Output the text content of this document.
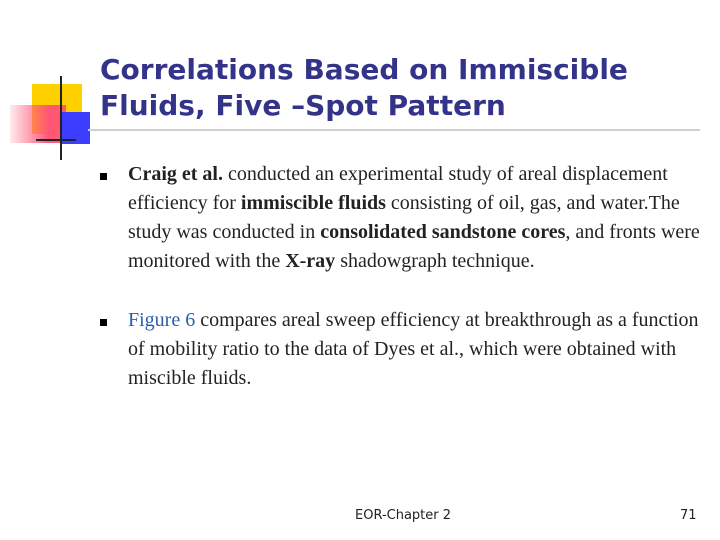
Correlations Based on Immiscible Fluids, Five –Spot Pattern
Craig et al. conducted an experimental study of areal displacement efficiency for immiscible fluids consisting of oil, gas, and water.The study was conducted in consolidated sandstone cores, and fronts were monitored with the X-ray shadowgraph technique.
Figure 6 compares areal sweep efficiency at breakthrough as a function of mobility ratio to the data of Dyes et al., which were obtained with miscible fluids.
EOR-Chapter 2	71
